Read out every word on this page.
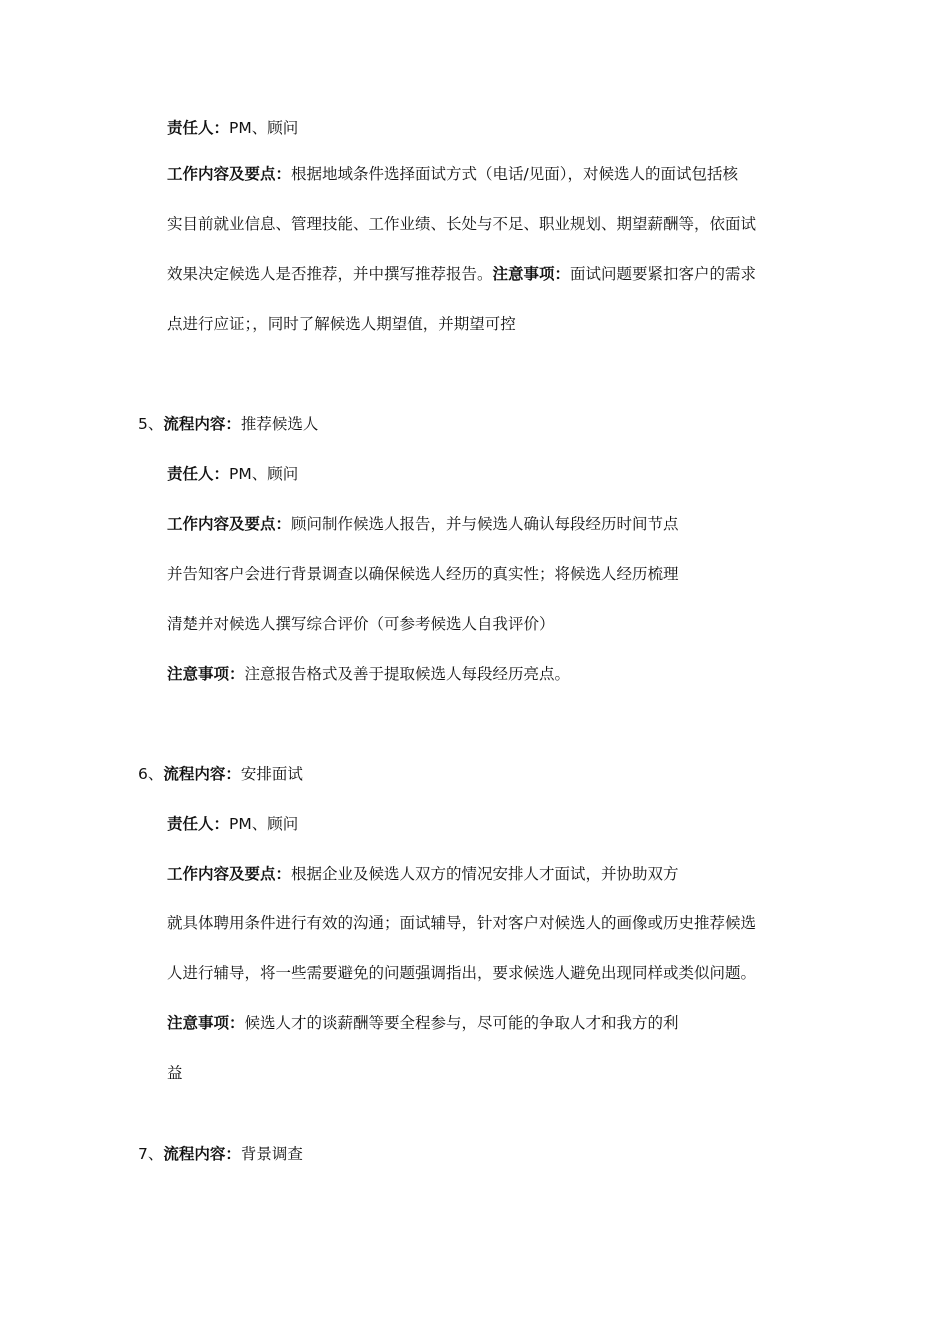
责任人：PM、顾问

工作内容及要点：根据地域条件选择面试方式（电话/见面），对候选人的面试包括核

实目前就业信息、管理技能、工作业绩、长处与不足、职业规划、期望薪酬等，依面试

效果决定候选人是否推荐，并中撰写推荐报告。注意事项：面试问题要紧扣客户的需求

点进行应证；，同时了解候选人期望值，并期望可控

5、流程内容：推荐候选人

责任人：PM、顾问

工作内容及要点：顾问制作候选人报告，并与候选人确认每段经历时间节点

并告知客户会进行背景调查以确保候选人经历的真实性；将候选人经历梳理

清楚并对候选人撰写综合评价（可参考候选人自我评价）

注意事项：注意报告格式及善于提取候选人每段经历亮点。

6、流程内容：安排面试

责任人：PM、顾问

工作内容及要点：根据企业及候选人双方的情况安排人才面试，并协助双方

就具体聘用条件进行有效的沟通；面试辅导，针对客户对候选人的画像或历史推荐候选

人进行辅导，将一些需要避免的问题强调指出，要求候选人避免出现同样或类似问题。

注意事项：候选人才的谈薪酬等要全程参与，尽可能的争取人才和我方的利

益

7、流程内容：背景调查
